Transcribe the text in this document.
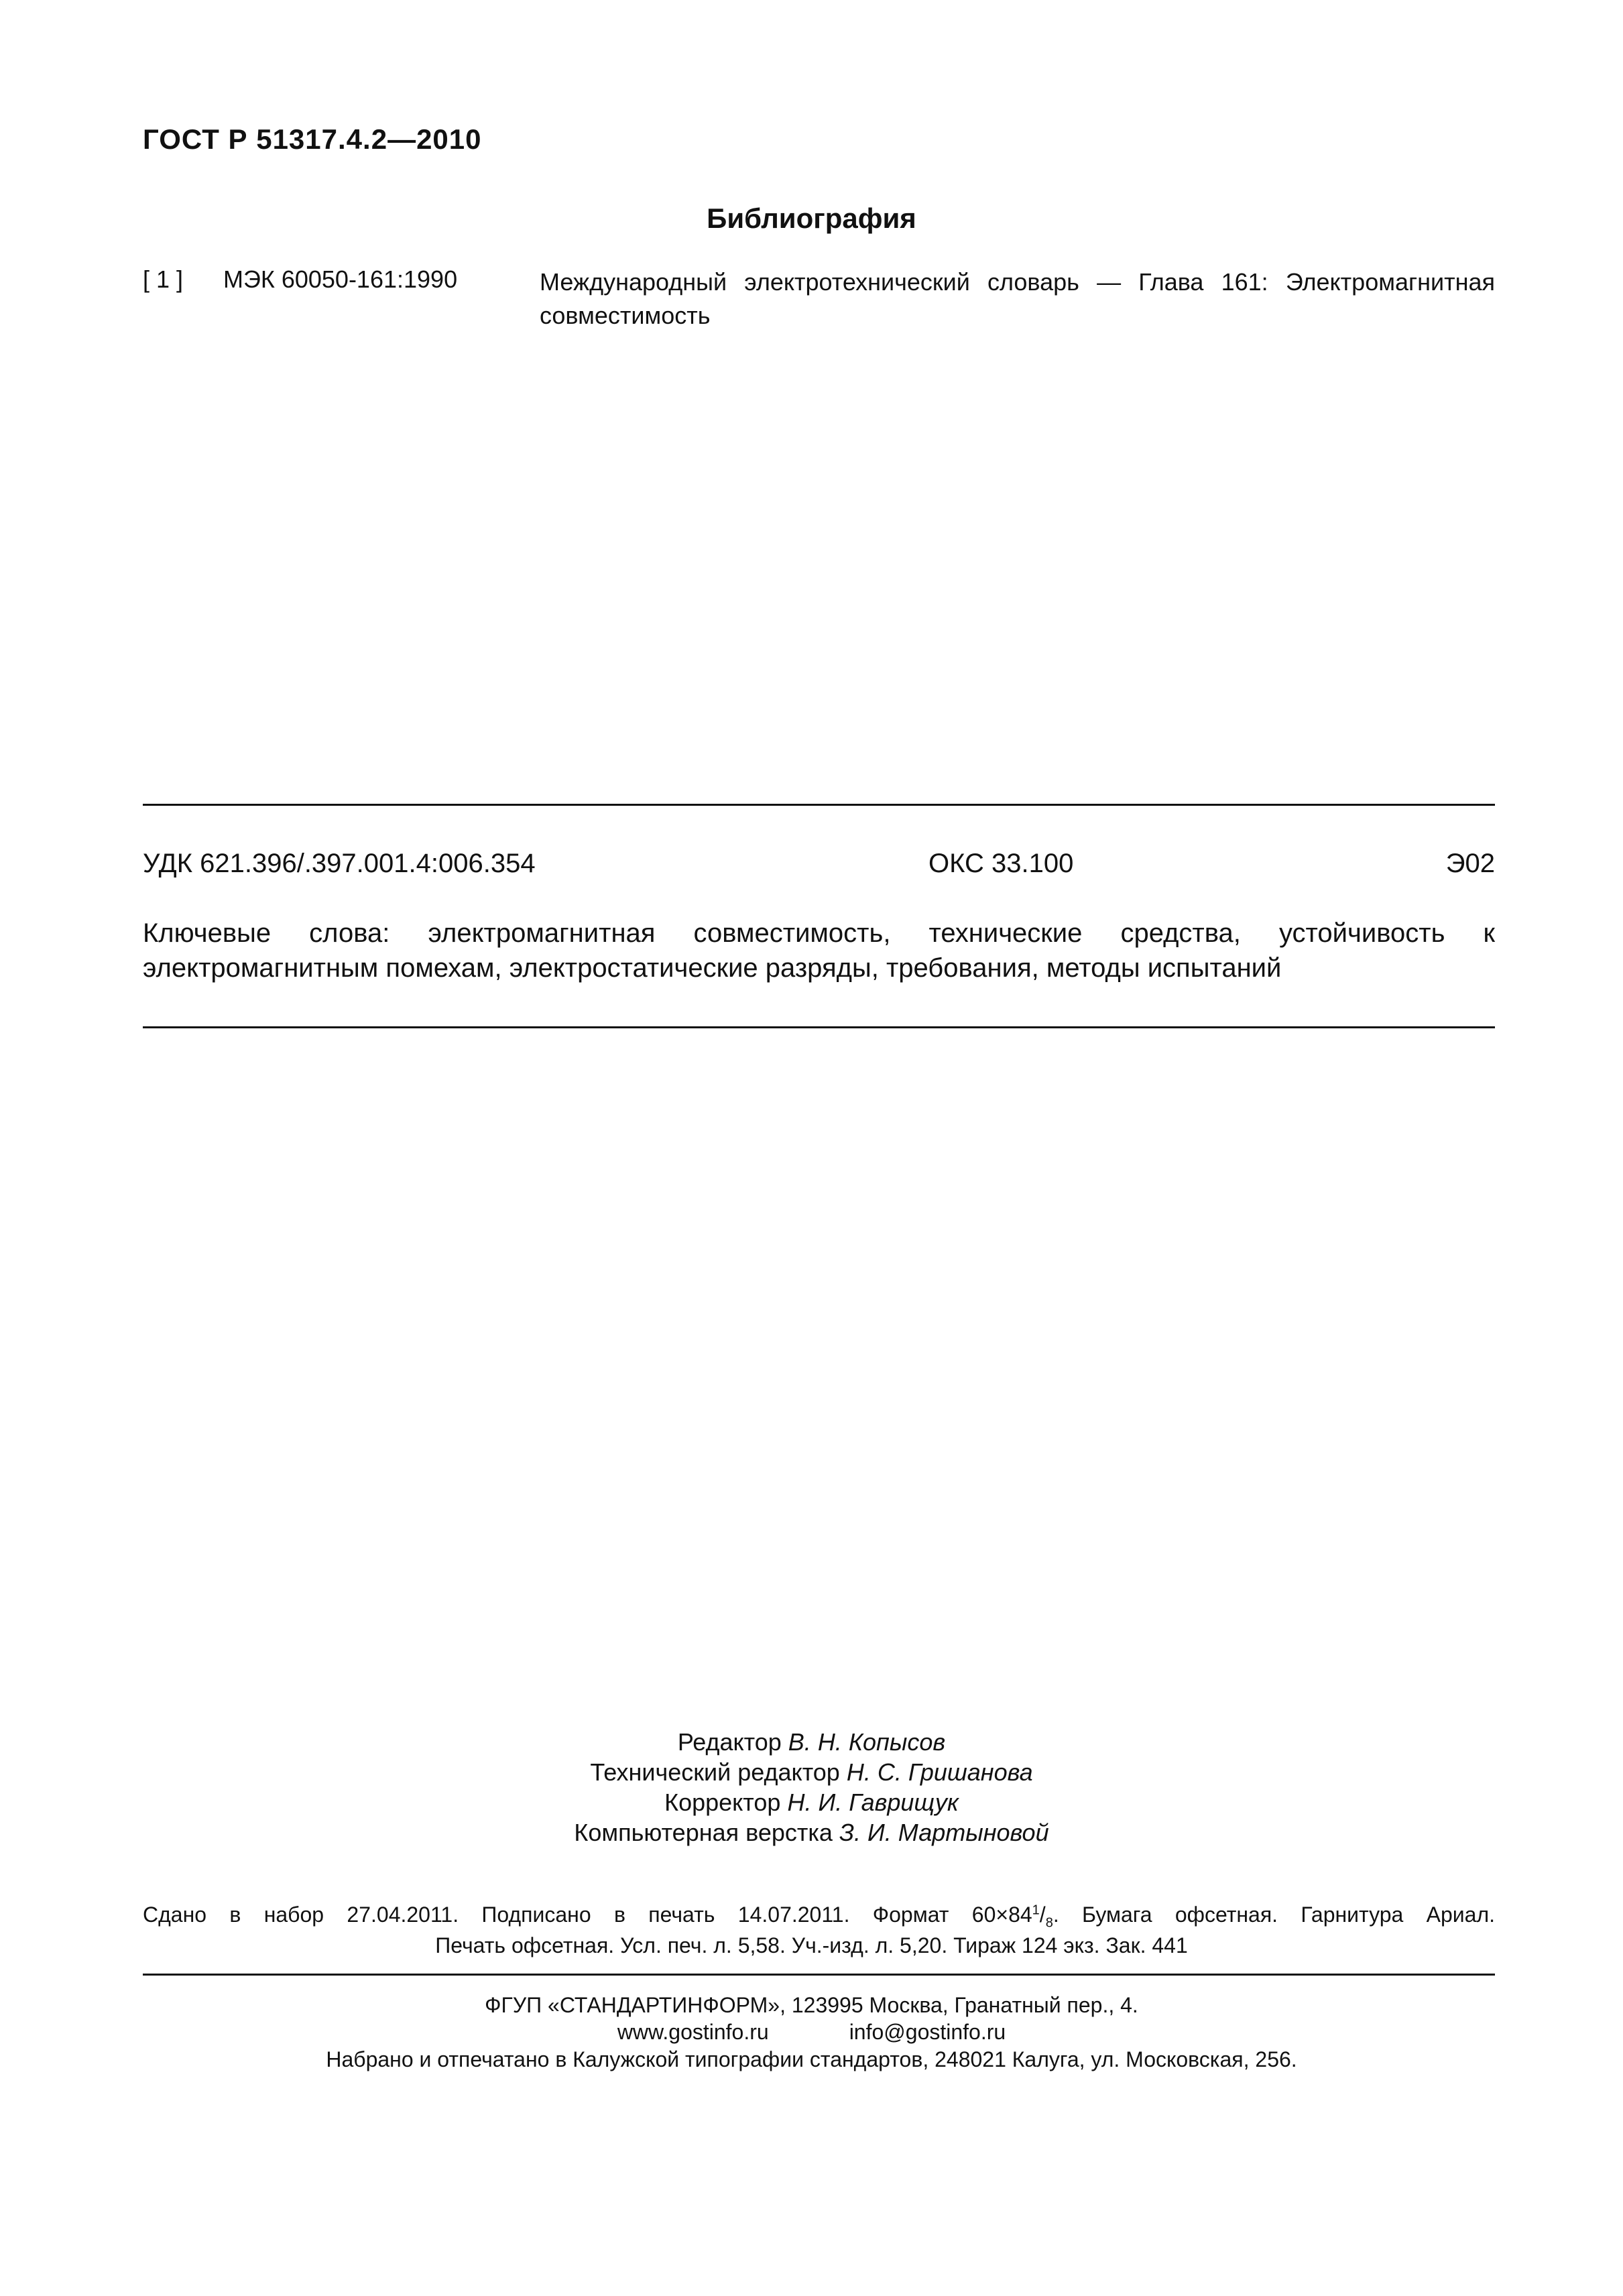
ГОСТ Р 51317.4.2—2010
Библиография
[ 1 ] МЭК 60050-161:1990	Международный электротехнический словарь — Глава 161: Электромагнитная совместимость
УДК 621.396/.397.001.4:006.354	ОКС 33.100	Э02
Ключевые слова: электромагнитная совместимость, технические средства, устойчивость к электромагнитным помехам, электростатические разряды, требования, методы испытаний
Редактор В. Н. Копысов
Технический редактор Н. С. Гришанова
Корректор Н. И. Гаврищук
Компьютерная верстка З. И. Мартыновой
Сдано в набор 27.04.2011. Подписано в печать 14.07.2011. Формат $60\times 84^1/_8$. Бумага офсетная. Гарнитура Ариал.
Печать офсетная. Усл. печ. л. 5,58. Уч.-изд. л. 5,20. Тираж 124 экз. Зак. 441
ФГУП «СТАНДАРТИНФОРМ», 123995 Москва, Гранатный пер., 4.
www.gostinfo.ru	info@gostinfo.ru
Набрано и отпечатано в Калужской типографии стандартов, 248021 Калуга, ул. Московская, 256.
